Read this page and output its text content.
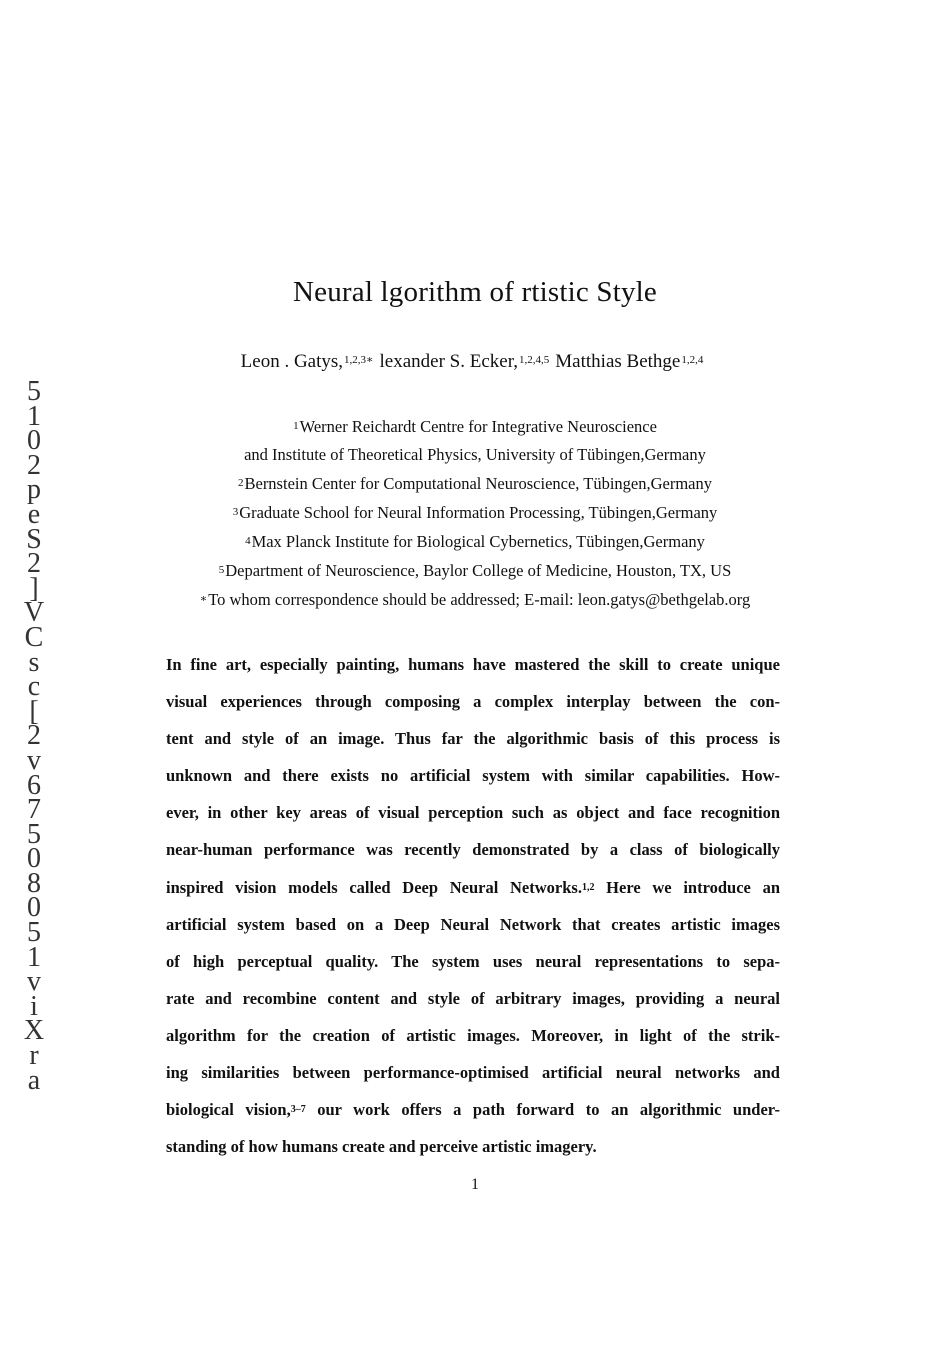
Neural lgorithm of rtistic Style
Leon . Gatys,$^{1,2,3∗}$ lexander S. Ecker,$^{1,2,4,5}$ Matthias Bethge$^{1,2,4}$
$^1$Werner Reichardt Centre for Integrative Neuroscience
and Institute of Theoretical Physics, University of Tübingen,Germany
$^2$Bernstein Center for Computational Neuroscience, Tübingen,Germany
$^3$Graduate School for Neural Information Processing, Tübingen,Germany
$^4$Max Planck Institute for Biological Cybernetics, Tübingen,Germany
$^5$Department of Neuroscience, Baylor College of Medicine, Houston, TX, US
∗To whom correspondence should be addressed; E-mail: leon.gatys@bethgelab.org
In fine art, especially painting, humans have mastered the skill to create unique
visual experiences through composing a complex interplay between the con-
tent and style of an image. Thus far the algorithmic basis of this process is
unknown and there exists no artificial system with similar capabilities. How-
ever, in other key areas of visual perception such as object and face recognition
near-human performance was recently demonstrated by a class of biologically
inspired vision models called Deep Neural Networks.$^{1,2}$ Here we introduce an
artificial system based on a Deep Neural Network that creates artistic images
of high perceptual quality. The system uses neural representations to sepa-
rate and recombine content and style of arbitrary images, providing a neural
algorithm for the creation of artistic images. Moreover, in light of the strik-
ing similarities between performance-optimised artificial neural networks and
biological vision,$^{3-7}$ our work offers a path forward to an algorithmic under-
standing of how humans create and perceive artistic imagery.
1
5
1
0
2
p
e
S
2
]
V
C
s
c
[
2
v
6
7
5
0
8
0
5
1
v
i
X
r
a
